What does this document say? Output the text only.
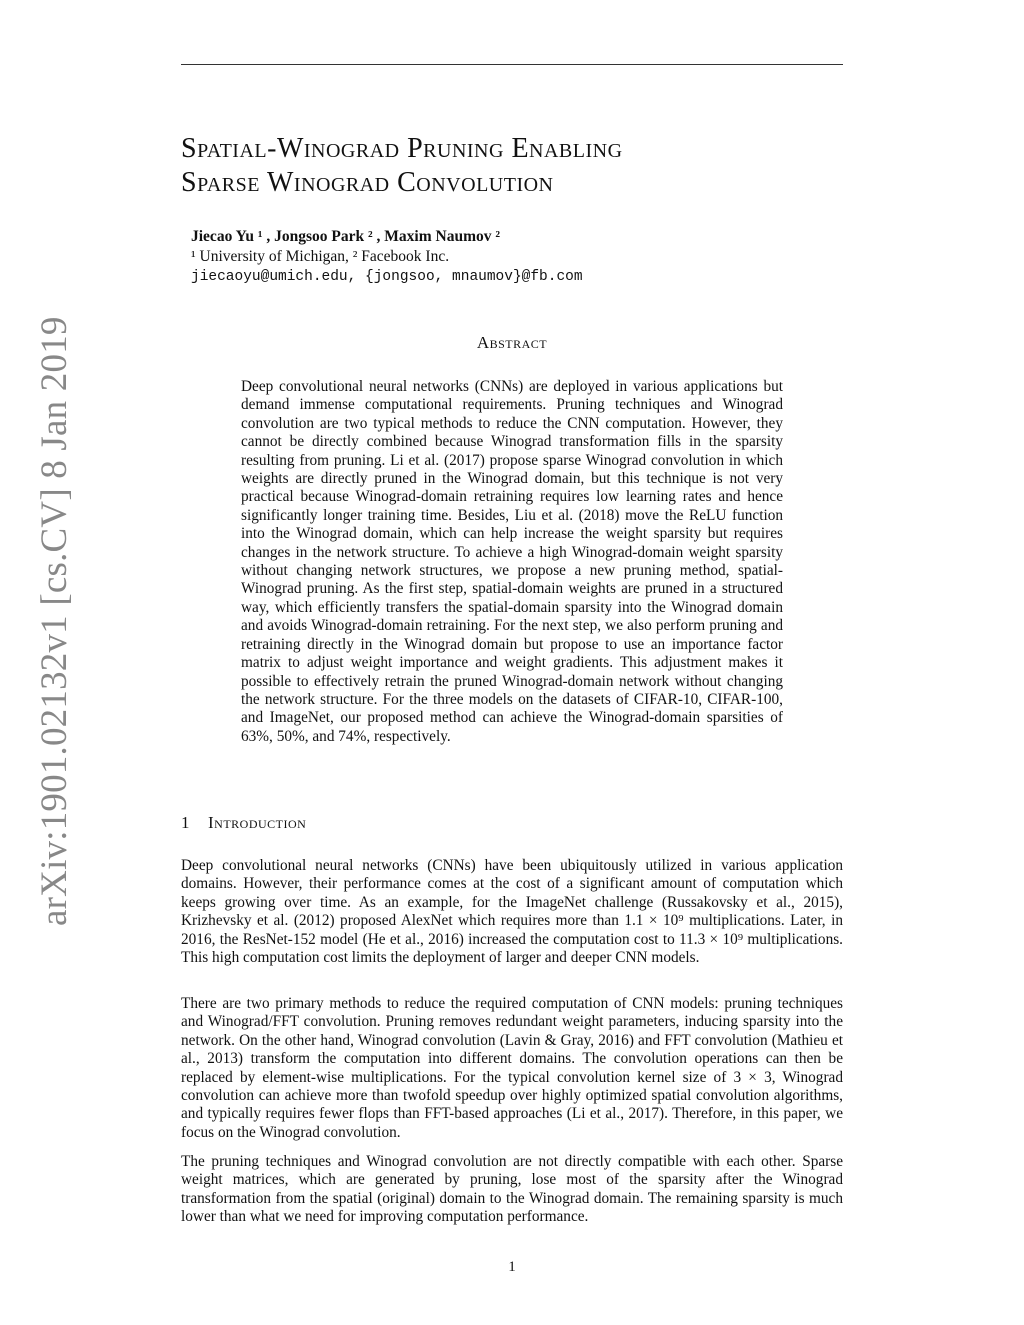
arXiv:1901.02132v1 [cs.CV] 8 Jan 2019
Spatial-Winograd Pruning Enabling
Sparse Winograd Convolution
Jiecao Yu ¹ , Jongsoo Park ² , Maxim Naumov ²
¹ University of Michigan, ² Facebook Inc.
jiecaoyu@umich.edu, {jongsoo, mnaumov}@fb.com
Abstract
Deep convolutional neural networks (CNNs) are deployed in various applications but demand immense computational requirements. Pruning techniques and Winograd convolution are two typical methods to reduce the CNN computation. However, they cannot be directly combined because Winograd transformation fills in the sparsity resulting from pruning. Li et al. (2017) propose sparse Winograd convolution in which weights are directly pruned in the Winograd domain, but this technique is not very practical because Winograd-domain retraining requires low learning rates and hence significantly longer training time. Besides, Liu et al. (2018) move the ReLU function into the Winograd domain, which can help increase the weight sparsity but requires changes in the network structure. To achieve a high Winograd-domain weight sparsity without changing network structures, we propose a new pruning method, spatial-Winograd pruning. As the first step, spatial-domain weights are pruned in a structured way, which efficiently transfers the spatial-domain sparsity into the Winograd domain and avoids Winograd-domain retraining. For the next step, we also perform pruning and retraining directly in the Winograd domain but propose to use an importance factor matrix to adjust weight importance and weight gradients. This adjustment makes it possible to effectively retrain the pruned Winograd-domain network without changing the network structure. For the three models on the datasets of CIFAR-10, CIFAR-100, and ImageNet, our proposed method can achieve the Winograd-domain sparsities of 63%, 50%, and 74%, respectively.
1 Introduction
Deep convolutional neural networks (CNNs) have been ubiquitously utilized in various application domains. However, their performance comes at the cost of a significant amount of computation which keeps growing over time. As an example, for the ImageNet challenge (Russakovsky et al., 2015), Krizhevsky et al. (2012) proposed AlexNet which requires more than 1.1 × 10⁹ multiplications. Later, in 2016, the ResNet-152 model (He et al., 2016) increased the computation cost to 11.3 × 10⁹ multiplications. This high computation cost limits the deployment of larger and deeper CNN models.
There are two primary methods to reduce the required computation of CNN models: pruning techniques and Winograd/FFT convolution. Pruning removes redundant weight parameters, inducing sparsity into the network. On the other hand, Winograd convolution (Lavin & Gray, 2016) and FFT convolution (Mathieu et al., 2013) transform the computation into different domains. The convolution operations can then be replaced by element-wise multiplications. For the typical convolution kernel size of 3 × 3, Winograd convolution can achieve more than twofold speedup over highly optimized spatial convolution algorithms, and typically requires fewer flops than FFT-based approaches (Li et al., 2017). Therefore, in this paper, we focus on the Winograd convolution.
The pruning techniques and Winograd convolution are not directly compatible with each other. Sparse weight matrices, which are generated by pruning, lose most of the sparsity after the Winograd transformation from the spatial (original) domain to the Winograd domain. The remaining sparsity is much lower than what we need for improving computation performance.
1
